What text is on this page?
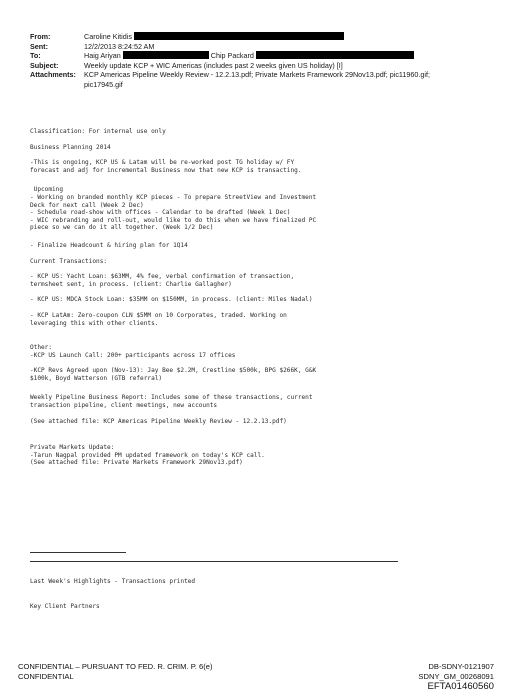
From:	Caroline Kitidis
Sent:	12/2/2013 8:24:52 AM
To:	Haig Ariyan	Chip Packard
Subject:	Weekly update KCP + WIC Americas (includes past 2 weeks given US holiday) [I]
Attachments:	KCP Americas Pipeline Weekly Review - 12.2.13.pdf; Private Markets Framework 29Nov13.pdf; pic11960.gif;
pic17945.gif

Classification: For internal use only

Business Planning 2014

-This is ongoing, KCP US & Latam will be re-worked post TG holiday w/ FY
forecast and adj for incremental Business now that new KCP is transacting.

Upcoming
- Working on branded monthly KCP pieces - To prepare StreetView and Investment
Deck for next call (Week 2 Dec)
- Schedule road-show with offices - Calendar to be drafted (Week 1 Dec)
- WIC rebranding and roll-out, would like to do this when we have finalized PC
piece so we can do it all together. (Week 1/2 Dec)

- Finalize Headcount & hiring plan for 1Q14

Current Transactions:

- KCP US: Yacht Loan: $63MM, 4% fee, verbal confirmation of transaction,
termsheet sent, in process. (client: Charlie Gallagher)

- KCP US: MDCA Stock Loan: $35MM on $150MM, in process. (client: Miles Nadal)

- KCP LatAm: Zero-coupon CLN $5MM on 10 Corporates, traded. Working on
leveraging this with other clients.

Other:
-KCP US Launch Call: 200+ participants across 17 offices

-KCP Revs Agreed upon (Nov-13): Jay Bee $2.2M, Crestline $500k, BPG $266K, G&K
$100k, Boyd Watterson (GTB referral)

Weekly Pipeline Business Report: Includes some of these transactions, current
transaction pipeline, client meetings, new accounts

(See attached file: KCP Americas Pipeline Weekly Review - 12.2.13.pdf)

Private Markets Update:
-Tarun Nagpal provided PM updated framework on today's KCP call.
(See attached file: Private Markets Framework 29Nov13.pdf)

Last Week's Highlights - Transactions printed

Key Client Partners

CONFIDENTIAL – PURSUANT TO FED. R. CRIM. P. 6(e)
CONFIDENTIAL
DB-SDNY-0121907
SDNY_GM_00268091
EFTA01460560
